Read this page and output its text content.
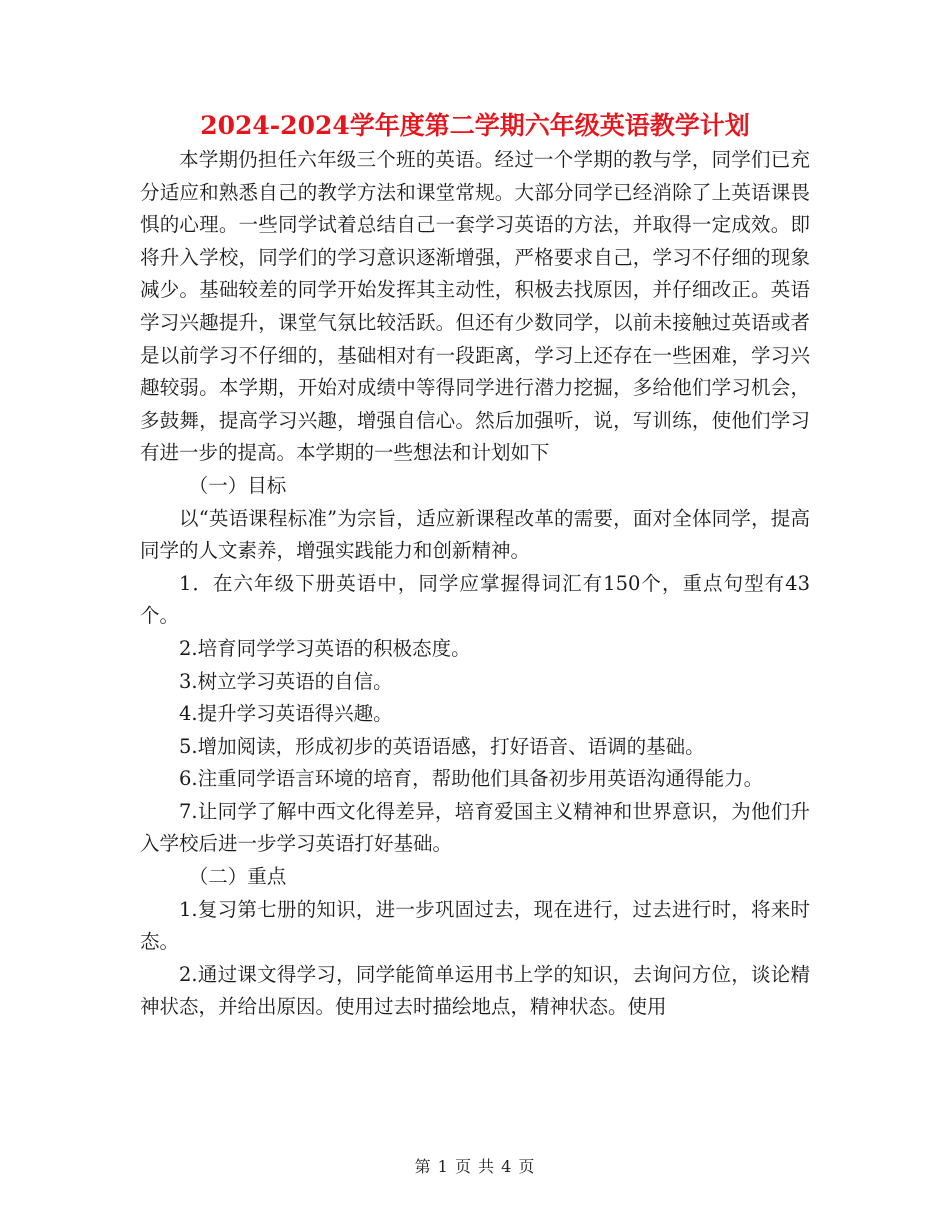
2024-2024学年度第二学期六年级英语教学计划

本学期仍担任六年级三个班的英语。经过一个学期的教与学，同学们已充分适应和熟悉自己的教学方法和课堂常规。大部分同学已经消除了上英语课畏惧的心理。一些同学试着总结自己一套学习英语的方法，并取得一定成效。即将升入学校，同学们的学习意识逐渐增强，严格要求自己，学习不仔细的现象减少。基础较差的同学开始发挥其主动性，积极去找原因，并仔细改正。英语学习兴趣提升，课堂气氛比较活跃。但还有少数同学，以前未接触过英语或者是以前学习不仔细的，基础相对有一段距离，学习上还存在一些困难，学习兴趣较弱。本学期，开始对成绩中等得同学进行潜力挖掘，多给他们学习机会，多鼓舞，提高学习兴趣，增强自信心。然后加强听，说，写训练，使他们学习有进一步的提高。本学期的一些想法和计划如下

（一）目标

以“英语课程标准”为宗旨，适应新课程改革的需要，面对全体同学，提高同学的人文素养，增强实践能力和创新精神。

1．在六年级下册英语中，同学应掌握得词汇有150个，重点句型有43个。

2.培育同学学习英语的积极态度。

3.树立学习英语的自信。

4.提升学习英语得兴趣。

5.增加阅读，形成初步的英语语感，打好语音、语调的基础。

6.注重同学语言环境的培育，帮助他们具备初步用英语沟通得能力。

7.让同学了解中西文化得差异，培育爱国主义精神和世界意识，为他们升入学校后进一步学习英语打好基础。

（二）重点

1.复习第七册的知识，进一步巩固过去，现在进行，过去进行时，将来时态。

2.通过课文得学习，同学能简单运用书上学的知识，去询问方位，谈论精神状态，并给出原因。使用过去时描绘地点，精神状态。使用

第 1 页 共 4 页
